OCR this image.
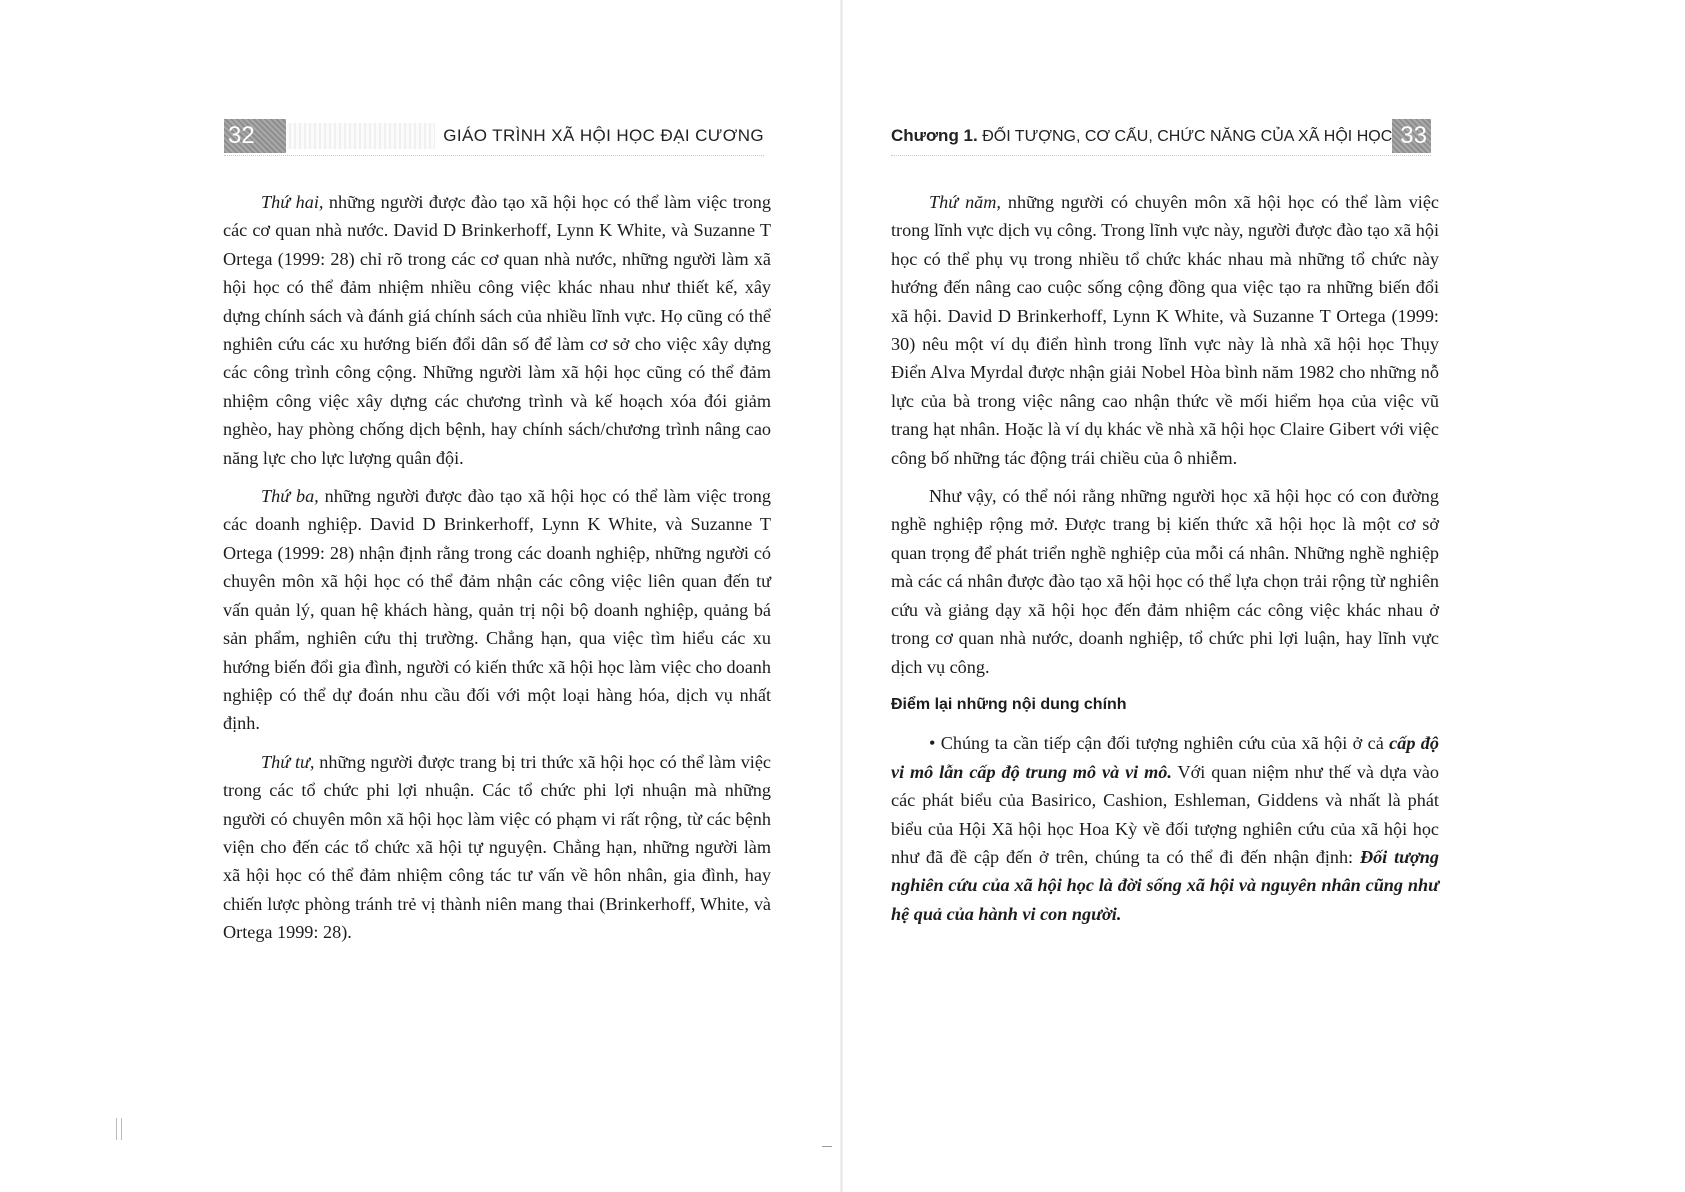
32	GIÁO TRÌNH XÃ HỘI HỌC ĐẠI CƯƠNG

Thứ hai, những người được đào tạo xã hội học có thể làm việc trong các cơ quan nhà nước. David D Brinkerhoff, Lynn K White, và Suzanne T Ortega (1999: 28) chỉ rõ trong các cơ quan nhà nước, những người làm xã hội học có thể đảm nhiệm nhiều công việc khác nhau như thiết kế, xây dựng chính sách và đánh giá chính sách của nhiều lĩnh vực. Họ cũng có thể nghiên cứu các xu hướng biến đổi dân số để làm cơ sở cho việc xây dựng các công trình công cộng. Những người làm xã hội học cũng có thể đảm nhiệm công việc xây dựng các chương trình và kế hoạch xóa đói giảm nghèo, hay phòng chống dịch bệnh, hay chính sách/chương trình nâng cao năng lực cho lực lượng quân đội.

Thứ ba, những người được đào tạo xã hội học có thể làm việc trong các doanh nghiệp. David D Brinkerhoff, Lynn K White, và Suzanne T Ortega (1999: 28) nhận định rằng trong các doanh nghiệp, những người có chuyên môn xã hội học có thể đảm nhận các công việc liên quan đến tư vấn quản lý, quan hệ khách hàng, quản trị nội bộ doanh nghiệp, quảng bá sản phẩm, nghiên cứu thị trường. Chẳng hạn, qua việc tìm hiểu các xu hướng biến đổi gia đình, người có kiến thức xã hội học làm việc cho doanh nghiệp có thể dự đoán nhu cầu đối với một loại hàng hóa, dịch vụ nhất định.

Thứ tư, những người được trang bị tri thức xã hội học có thể làm việc trong các tổ chức phi lợi nhuận. Các tổ chức phi lợi nhuận mà những người có chuyên môn xã hội học làm việc có phạm vi rất rộng, từ các bệnh viện cho đến các tổ chức xã hội tự nguyện. Chẳng hạn, những người làm xã hội học có thể đảm nhiệm công tác tư vấn về hôn nhân, gia đình, hay chiến lược phòng tránh trẻ vị thành niên mang thai (Brinkerhoff, White, và Ortega 1999: 28).

Chương 1. ĐỐI TƯỢNG, CƠ CẤU, CHỨC NĂNG CỦA XÃ HỘI HỌC 33

Thứ năm, những người có chuyên môn xã hội học có thể làm việc trong lĩnh vực dịch vụ công. Trong lĩnh vực này, người được đào tạo xã hội học có thể phụ vụ trong nhiều tổ chức khác nhau mà những tổ chức này hướng đến nâng cao cuộc sống cộng đồng qua việc tạo ra những biến đổi xã hội. David D Brinkerhoff, Lynn K White, và Suzanne T Ortega (1999: 30) nêu một ví dụ điển hình trong lĩnh vực này là nhà xã hội học Thụy Điển Alva Myrdal được nhận giải Nobel Hòa bình năm 1982 cho những nỗ lực của bà trong việc nâng cao nhận thức về mối hiểm họa của việc vũ trang hạt nhân. Hoặc là ví dụ khác về nhà xã hội học Claire Gibert với việc công bố những tác động trái chiều của ô nhiễm.

Như vậy, có thể nói rằng những người học xã hội học có con đường nghề nghiệp rộng mở. Được trang bị kiến thức xã hội học là một cơ sở quan trọng để phát triển nghề nghiệp của mỗi cá nhân. Những nghề nghiệp mà các cá nhân được đào tạo xã hội học có thể lựa chọn trải rộng từ nghiên cứu và giảng dạy xã hội học đến đảm nhiệm các công việc khác nhau ở trong cơ quan nhà nước, doanh nghiệp, tổ chức phi lợi luận, hay lĩnh vực dịch vụ công.

Điểm lại những nội dung chính

• Chúng ta cần tiếp cận đối tượng nghiên cứu của xã hội ở cả cấp độ vi mô lẫn cấp độ trung mô và vi mô. Với quan niệm như thế và dựa vào các phát biểu của Basirico, Cashion, Eshleman, Giddens và nhất là phát biểu của Hội Xã hội học Hoa Kỳ về đối tượng nghiên cứu của xã hội học như đã đề cập đến ở trên, chúng ta có thể đi đến nhận định: Đối tượng nghiên cứu của xã hội học là đời sống xã hội và nguyên nhân cũng như hệ quả của hành vi con người.
